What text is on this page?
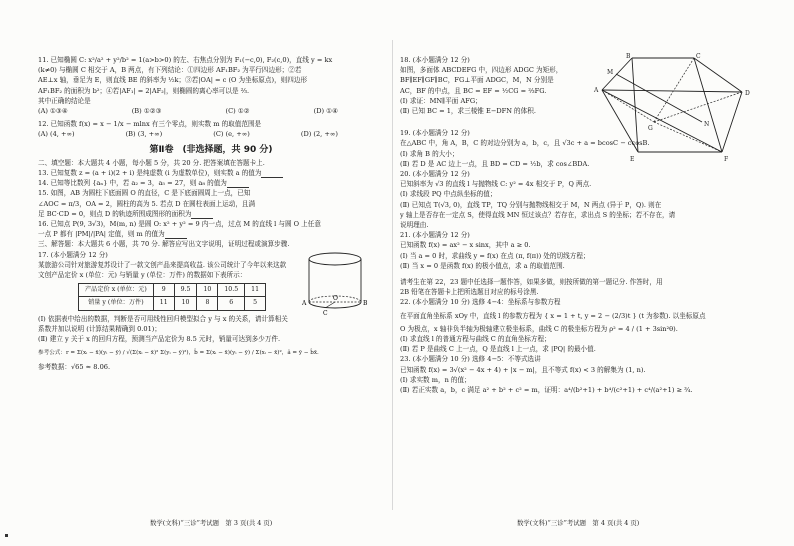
11. 已知椭圆 C: x²/a² + y²/b² = 1(a>b>0) 的左、右焦点分别为 F₁(−c,0), F₂(c,0)，直线 y = kx

(k≠0) 与椭圆 C 相交于 A，B 两点，有下列结论：①四边形 AF₁BF₂ 为平行四边形；②若

AE⊥x 轴，垂足为 E，则直线 BE 的斜率为 ½k；③若|OA| = c (O 为坐标原点)，则四边形

AF₁BF₂ 的面积为 b²；④若|AF₁| = 2|AF₂|，则椭圆的离心率可以是 ⅔.

其中正确的结论是

(A) ①③④	(B) ①②③	(C) ①②	(D) ①④

12. 已知函数 f(x) = x − 1/x − mlnx 有三个零点，则实数 m 的取值范围是

(A) (4, +∞)	(B) (3, +∞)	(C) (e, +∞)	(D) (2, +∞)
第Ⅱ卷　(非选择题，共 90 分)

二、填空题：本大题共 4 小题，每小题 5 分，共 20 分. 把答案填在答题卡上.

13. 已知复数 z = (a + i)(2 + i) 是纯虚数 (i 为虚数单位)，则实数 a 的值为

14. 已知等比数列 {aₙ} 中，若 a₂ = 3，a₅ = 27，则 a₈ 的值为

15. 如图，AB 为圆柱下底面圆 O 的直径，C 是下底面圆周上一点，已知

∠AOC = π/3，OA = 2，圆柱的高为 5. 若点 D 在圆柱表面上运动，且满

足 BC·CD = 0，则点 D 的轨迹所围成图形的面积为

16. 已知点 P(9, 3√3)，M(m, n) 是圆 O: x² + y² = 9 内一点，过点 M 的直线 l 与圆 O 上任意

一点 P 都有 |PM|/|PA| 定值，则 m 的值为

三、解答题：本大题共 6 小题，共 70 分. 解答应写出文字说明，证明过程或演算步骤.

17. (本小题满分 12 分)

某旅游公司针对旅游复苏设计了一款文创产品来提高收益. 该公司统计了今年以来这款

文创产品定价 x (单位：元) 与销量 y (单位：万件) 的数据如下表所示：

产品定价 x (单位：元)	9	9.5	10	10.5	11
销量 y (单位：万件)	11	10	8	6	5

(Ⅰ) 依据表中给出的数据，判断是否可用线性回归模型拟合 y 与 x 的关系，请计算相关

系数并加以说明 (计算结果精确到 0.01)；

(Ⅱ) 建立 y 关于 x 的回归方程，预测当产品定价为 8.5 元时，销量可达到多少万件.

参考公式：r = Σ(xᵢ − x̄)(yᵢ − ȳ) / √(Σ(xᵢ − x̄)² Σ(yᵢ − ȳ)²)，b̂ = Σ(xᵢ − x̄)(yᵢ − ȳ) / Σ(xᵢ − x̄)²，â = ȳ − b̂x̄.

参考数据：√65 ≈ 8.06.

A
O
B
C

18. (本小题满分 12 分)

如图，多面体 ABCDEFG 中，四边形 ADGC 为矩形，

BF∥EF∥GF∥BC，FG⊥平面 ADGC，M，N 分别是

AC，BF 的中点，且 BC = EF = ½CG = ⅔FG.

(Ⅰ) 求证：MN∥平面 AFG；

(Ⅱ) 已知 BC = 1，求三棱锥 E−DFN 的体积.

19. (本小题满分 12 分)

在△ABC 中，角 A，B，C 的对边分别为 a，b，c，且 √3c + a = bcosC − ccosB.

(Ⅰ) 求角 B 的大小；

(Ⅱ) 若 D 是 AC 边上一点，且 BD = CD = ½b，求 cos∠BDA.

20. (本小题满分 12 分)

已知斜率为 √3 的直线 l 与抛物线 C: y² = 4x 相交于 P，Q 两点.

(Ⅰ) 求线段 PQ 中点纵坐标的值；

(Ⅱ) 已知点 T(√3, 0)，直线 TP，TQ 分别与抛物线相交于 M，N 两点 (异于 P，Q). 则在

y 轴上是否存在一定点 S，使得直线 MN 恒过该点？若存在，求出点 S 的坐标；若不存在，请

说明理由.

21. (本小题满分 12 分)

已知函数 f(x) = ax² − x sinx，其中 a ≥ 0.

(Ⅰ) 当 a = 0 时，求曲线 y = f(x) 在点 (π, f(π)) 处的切线方程；

(Ⅱ) 当 x = 0 是函数 f(x) 的极小值点，求 a 的取值范围.

请考生在第 22，23 题中任选择一题作答，如果多做，则按所做的第一题记分. 作答时，用

2B 铅笔在答题卡上把所选题目对应的标号涂黑.

22. (本小题满分 10 分) 选修 4−4：坐标系与参数方程

在平面直角坐标系 xOy 中，直线 l 的参数方程为 { x = 1 + t, y = 2 − (2/3)t } (t 为参数). 以坐标原点

O 为极点，x 轴非负半轴为极轴建立极坐标系，曲线 C 的极坐标方程为 ρ² = 4 / (1 + 3sin²θ).

(Ⅰ) 求直线 l 的普通方程与曲线 C 的直角坐标方程；

(Ⅱ) 若 P 是曲线 C 上一点，Q 是直线 l 上一点，求 |PQ| 的最小值.

23. (本小题满分 10 分) 选修 4−5：不等式选讲

已知函数 f(x) = 3√(x² − 4x + 4) + |x − m|，且不等式 f(x) < 3 的解集为 (1, n).

(Ⅰ) 求实数 m，n 的值；

(Ⅱ) 若正实数 a，b，c 满足 a² + b² + c² = m，证明：a⁴/(b²+1) + b⁴/(c²+1) + c⁴/(a²+1) ≥ ¾.

A
B	C
D
E	F
G
M
N
数学(文科)“三诊”考试题　第 3 页(共 4 页)	数学(文科)“三诊”考试题　第 4 页(共 4 页)
